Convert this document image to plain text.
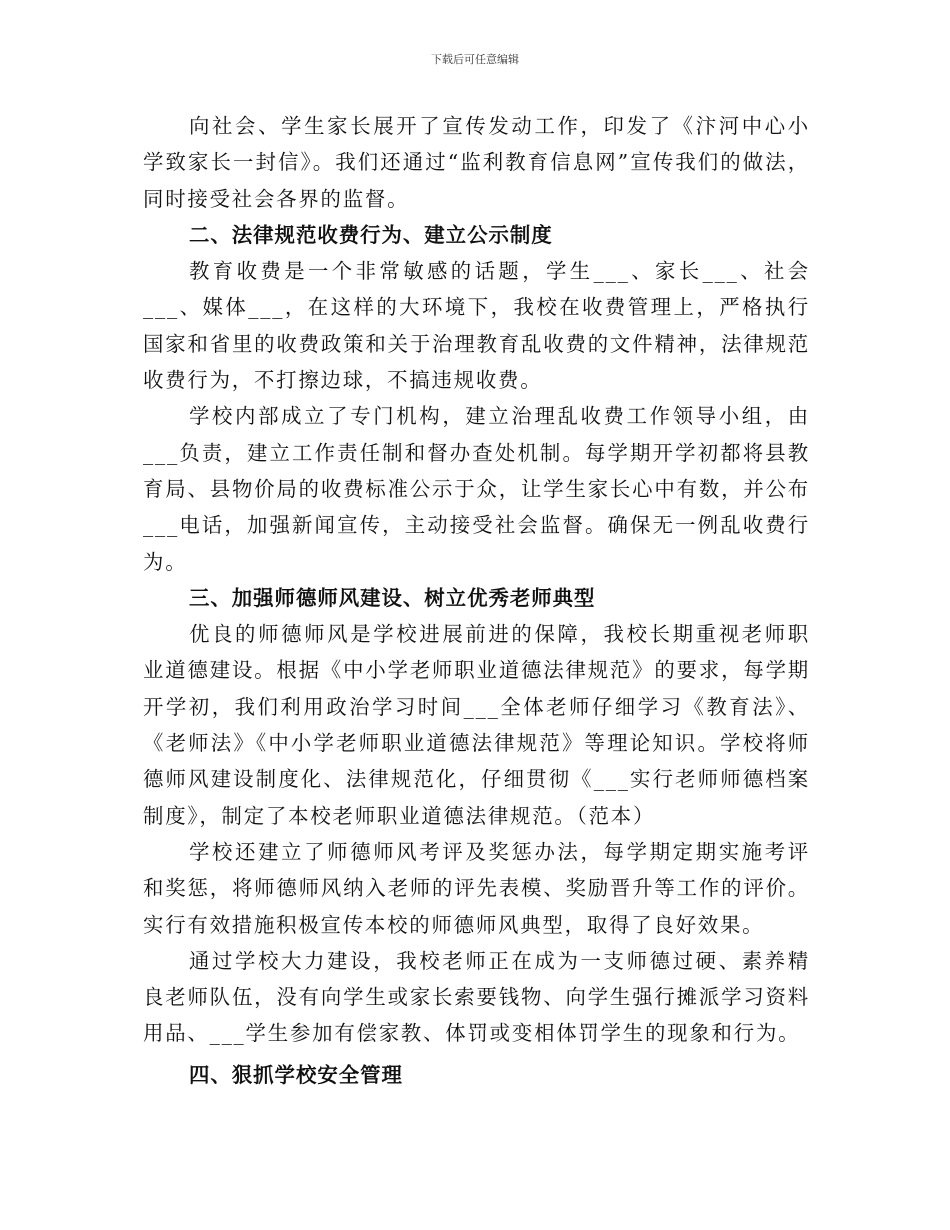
下载后可任意编辑

向社会、学生家长展开了宣传发动工作，印发了《汴河中心小学致家长一封信》。我们还通过“监利教育信息网”宣传我们的做法，同时接受社会各界的监督。

二、法律规范收费行为、建立公示制度

教育收费是一个非常敏感的话题，学生___、家长___、社会___、媒体___，在这样的大环境下，我校在收费管理上，严格执行国家和省里的收费政策和关于治理教育乱收费的文件精神，法律规范收费行为，不打擦边球，不搞违规收费。

学校内部成立了专门机构，建立治理乱收费工作领导小组，由___负责，建立工作责任制和督办查处机制。每学期开学初都将县教育局、县物价局的收费标准公示于众，让学生家长心中有数，并公布___电话，加强新闻宣传，主动接受社会监督。确保无一例乱收费行为。

三、加强师德师风建设、树立优秀老师典型

优良的师德师风是学校进展前进的保障，我校长期重视老师职业道德建设。根据《中小学老师职业道德法律规范》的要求，每学期开学初，我们利用政治学习时间___全体老师仔细学习《教育法》、《老师法》《中小学老师职业道德法律规范》等理论知识。学校将师德师风建设制度化、法律规范化，仔细贯彻《___实行老师师德档案制度》，制定了本校老师职业道德法律规范。（范本）

学校还建立了师德师风考评及奖惩办法，每学期定期实施考评和奖惩，将师德师风纳入老师的评先表模、奖励晋升等工作的评价。实行有效措施积极宣传本校的师德师风典型，取得了良好效果。

通过学校大力建设，我校老师正在成为一支师德过硬、素养精良老师队伍，没有向学生或家长索要钱物、向学生强行摊派学习资料用品、___学生参加有偿家教、体罚或变相体罚学生的现象和行为。

四、狠抓学校安全管理
